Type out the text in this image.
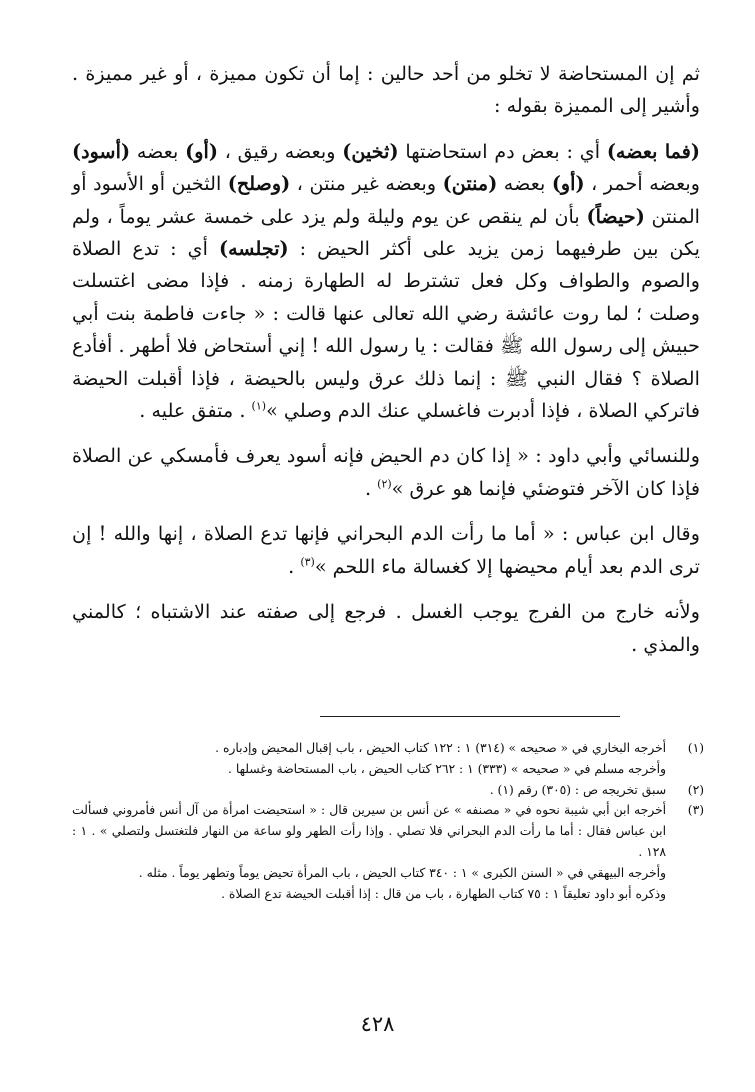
ثم إن المستحاضة لا تخلو من أحد حالين : إما أن تكون مميزة ، أو غير مميزة . وأشير إلى المميزة بقوله :

(فما بعضه) أي : بعض دم استحاضتها (ثخين) وبعضه رقيق ، (أو) بعضه (أسود) وبعضه أحمر ، (أو) بعضه (منتن) وبعضه غير منتن ، (وصلح) الثخين أو الأسود أو المنتن (حيضاً) بأن لم ينقص عن يوم وليلة ولم يزد على خمسة عشر يوماً ، ولم يكن بين طرفيهما زمن يزيد على أكثر الحيض : (تجلسه) أي : تدع الصلاة والصوم والطواف وكل فعل تشترط له الطهارة زمنه . فإذا مضى اغتسلت وصلت ؛ لما روت عائشة رضي الله تعالى عنها قالت : « جاءت فاطمة بنت أبي حبيش إلى رسول الله ﷺ فقالت : يا رسول الله ! إني أستحاض فلا أطهر . أفأدع الصلاة ؟ فقال النبي ﷺ : إنما ذلك عرق وليس بالحيضة ، فإذا أقبلت الحيضة فاتركي الصلاة ، فإذا أدبرت فاغسلي عنك الدم وصلي »$^{(١)}$ . متفق عليه .

وللنسائي وأبي داود : « إذا كان دم الحيض فإنه أسود يعرف فأمسكي عن الصلاة فإذا كان الآخر فتوضئي فإنما هو عرق »$^{(٢)}$ .

وقال ابن عباس : « أما ما رأت الدم البحراني فإنها تدع الصلاة ، إنها والله ! إن ترى الدم بعد أيام محيضها إلا كغسالة ماء اللحم »$^{(٣)}$ .

ولأنه خارج من الفرج يوجب الغسل . فرجع إلى صفته عند الاشتباه ؛ كالمني والمذي .

(١)
أخرجه البخاري في « صحيحه » (٣١٤) ١ : ١٢٢ كتاب الحيض ، باب إقبال المحيض وإدباره .
وأخرجه مسلم في « صحيحه » (٣٣٣) ١ : ٢٦٢ كتاب الحيض ، باب المستحاضة وغسلها .
(٢)
سبق تخريجه ص : (٣٠٥) رقم (١) .
(٣)
أخرجه ابن أبي شيبة نحوه في « مصنفه » عن أنس بن سيرين قال : « استحيضت امرأة من آل أنس فأمروني فسألت ابن عباس فقال : أما ما رأت الدم البحراني فلا تصلي . وإذا رأت الطهر ولو ساعة من النهار فلتغتسل ولتصلي » . ١ : ١٢٨ .
وأخرجه البيهقي في « السنن الكبرى » ١ : ٣٤٠ كتاب الحيض ، باب المرأة تحيض يوماً وتطهر يوماً . مثله .
وذكره أبو داود تعليقاً ١ : ٧٥ كتاب الطهارة ، باب من قال : إذا أقبلت الحيضة تدع الصلاة .
٤٢٨
